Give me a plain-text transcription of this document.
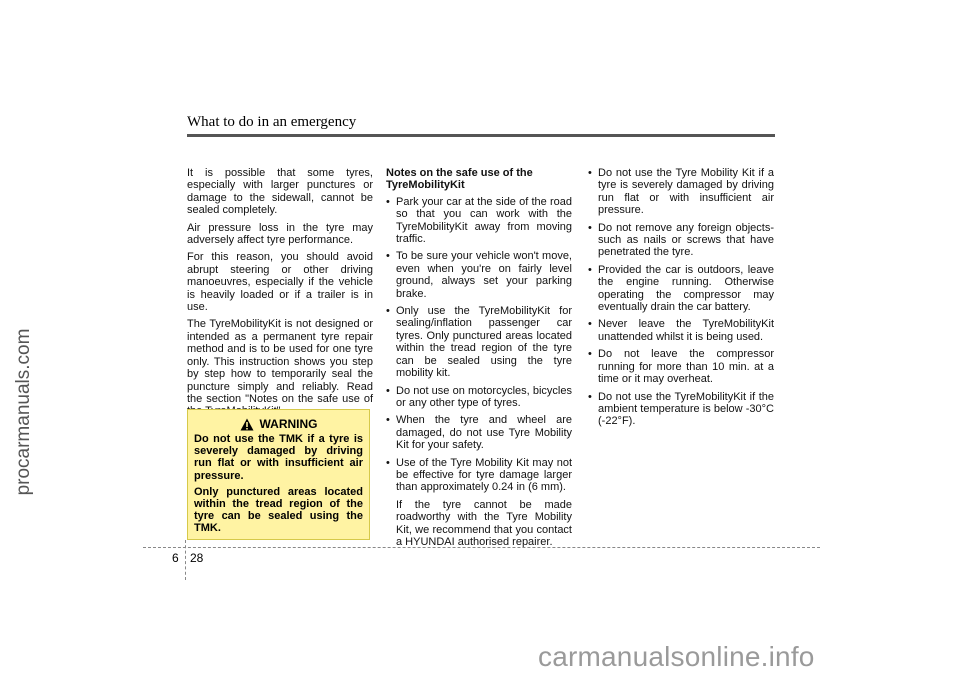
procarmanuals.com
What to do in an emergency

It is possible that some tyres, especially with larger punctures or damage to the sidewall, cannot be sealed completely.

Air pressure loss in the tyre may adversely affect tyre performance.

For this reason, you should avoid abrupt steering or other driving manoeuvres, especially if the vehicle is heavily loaded or if a trailer is in use.

The TyreMobilityKit is not designed or intended as a permanent tyre repair method and is to be used for one tyre only. This instruction shows you step by step how to temporarily seal the puncture simply and reliably. Read the section "Notes on the safe use of

WARNING

Do not use the TMK if a tyre is severely damaged by driving run flat or with insufficient air pressure.

Only punctured areas located within the tread region of the tyre can be sealed using the TMK.

Notes on the safe use of the TyreMobilityKit
• Park your car at the side of the road so that you can work with the TyreMobilityKit away from moving traffic.
• To be sure your vehicle won't move, even when you're on fairly level ground, always set your parking brake.
• Only use the TyreMobilityKit for sealing/inflation passenger car tyres. Only punctured areas located within the tread region of the tyre can be sealed using the tyre mobility kit.
• Do not use on motorcycles, bicycles or any other type of tyres.
• When the tyre and wheel are damaged, do not use Tyre Mobility Kit for your safety.
• Use of the Tyre Mobility Kit may not be effective for tyre damage larger than approximately 0.24 in (6 mm).

If the tyre cannot be made roadworthy with the Tyre Mobility Kit, we recommend that you contact a HYUNDAI authorised repairer.

• Do not use the Tyre Mobility Kit if a tyre is severely damaged by driving run flat or with insufficient air pressure.
• Do not remove any foreign objects- such as nails or screws that have penetrated the tyre.
• Provided the car is outdoors, leave the engine running. Otherwise operating the compressor may eventually drain the car battery.
• Never leave the TyreMobilityKit unattended whilst it is being used.
• Do not leave the compressor running for more than 10 min. at a time or it may overheat.
• Do not use the TyreMobilityKit if the ambient temperature is below -30°C (-22°F).
6 28
carmanualsonline.info
